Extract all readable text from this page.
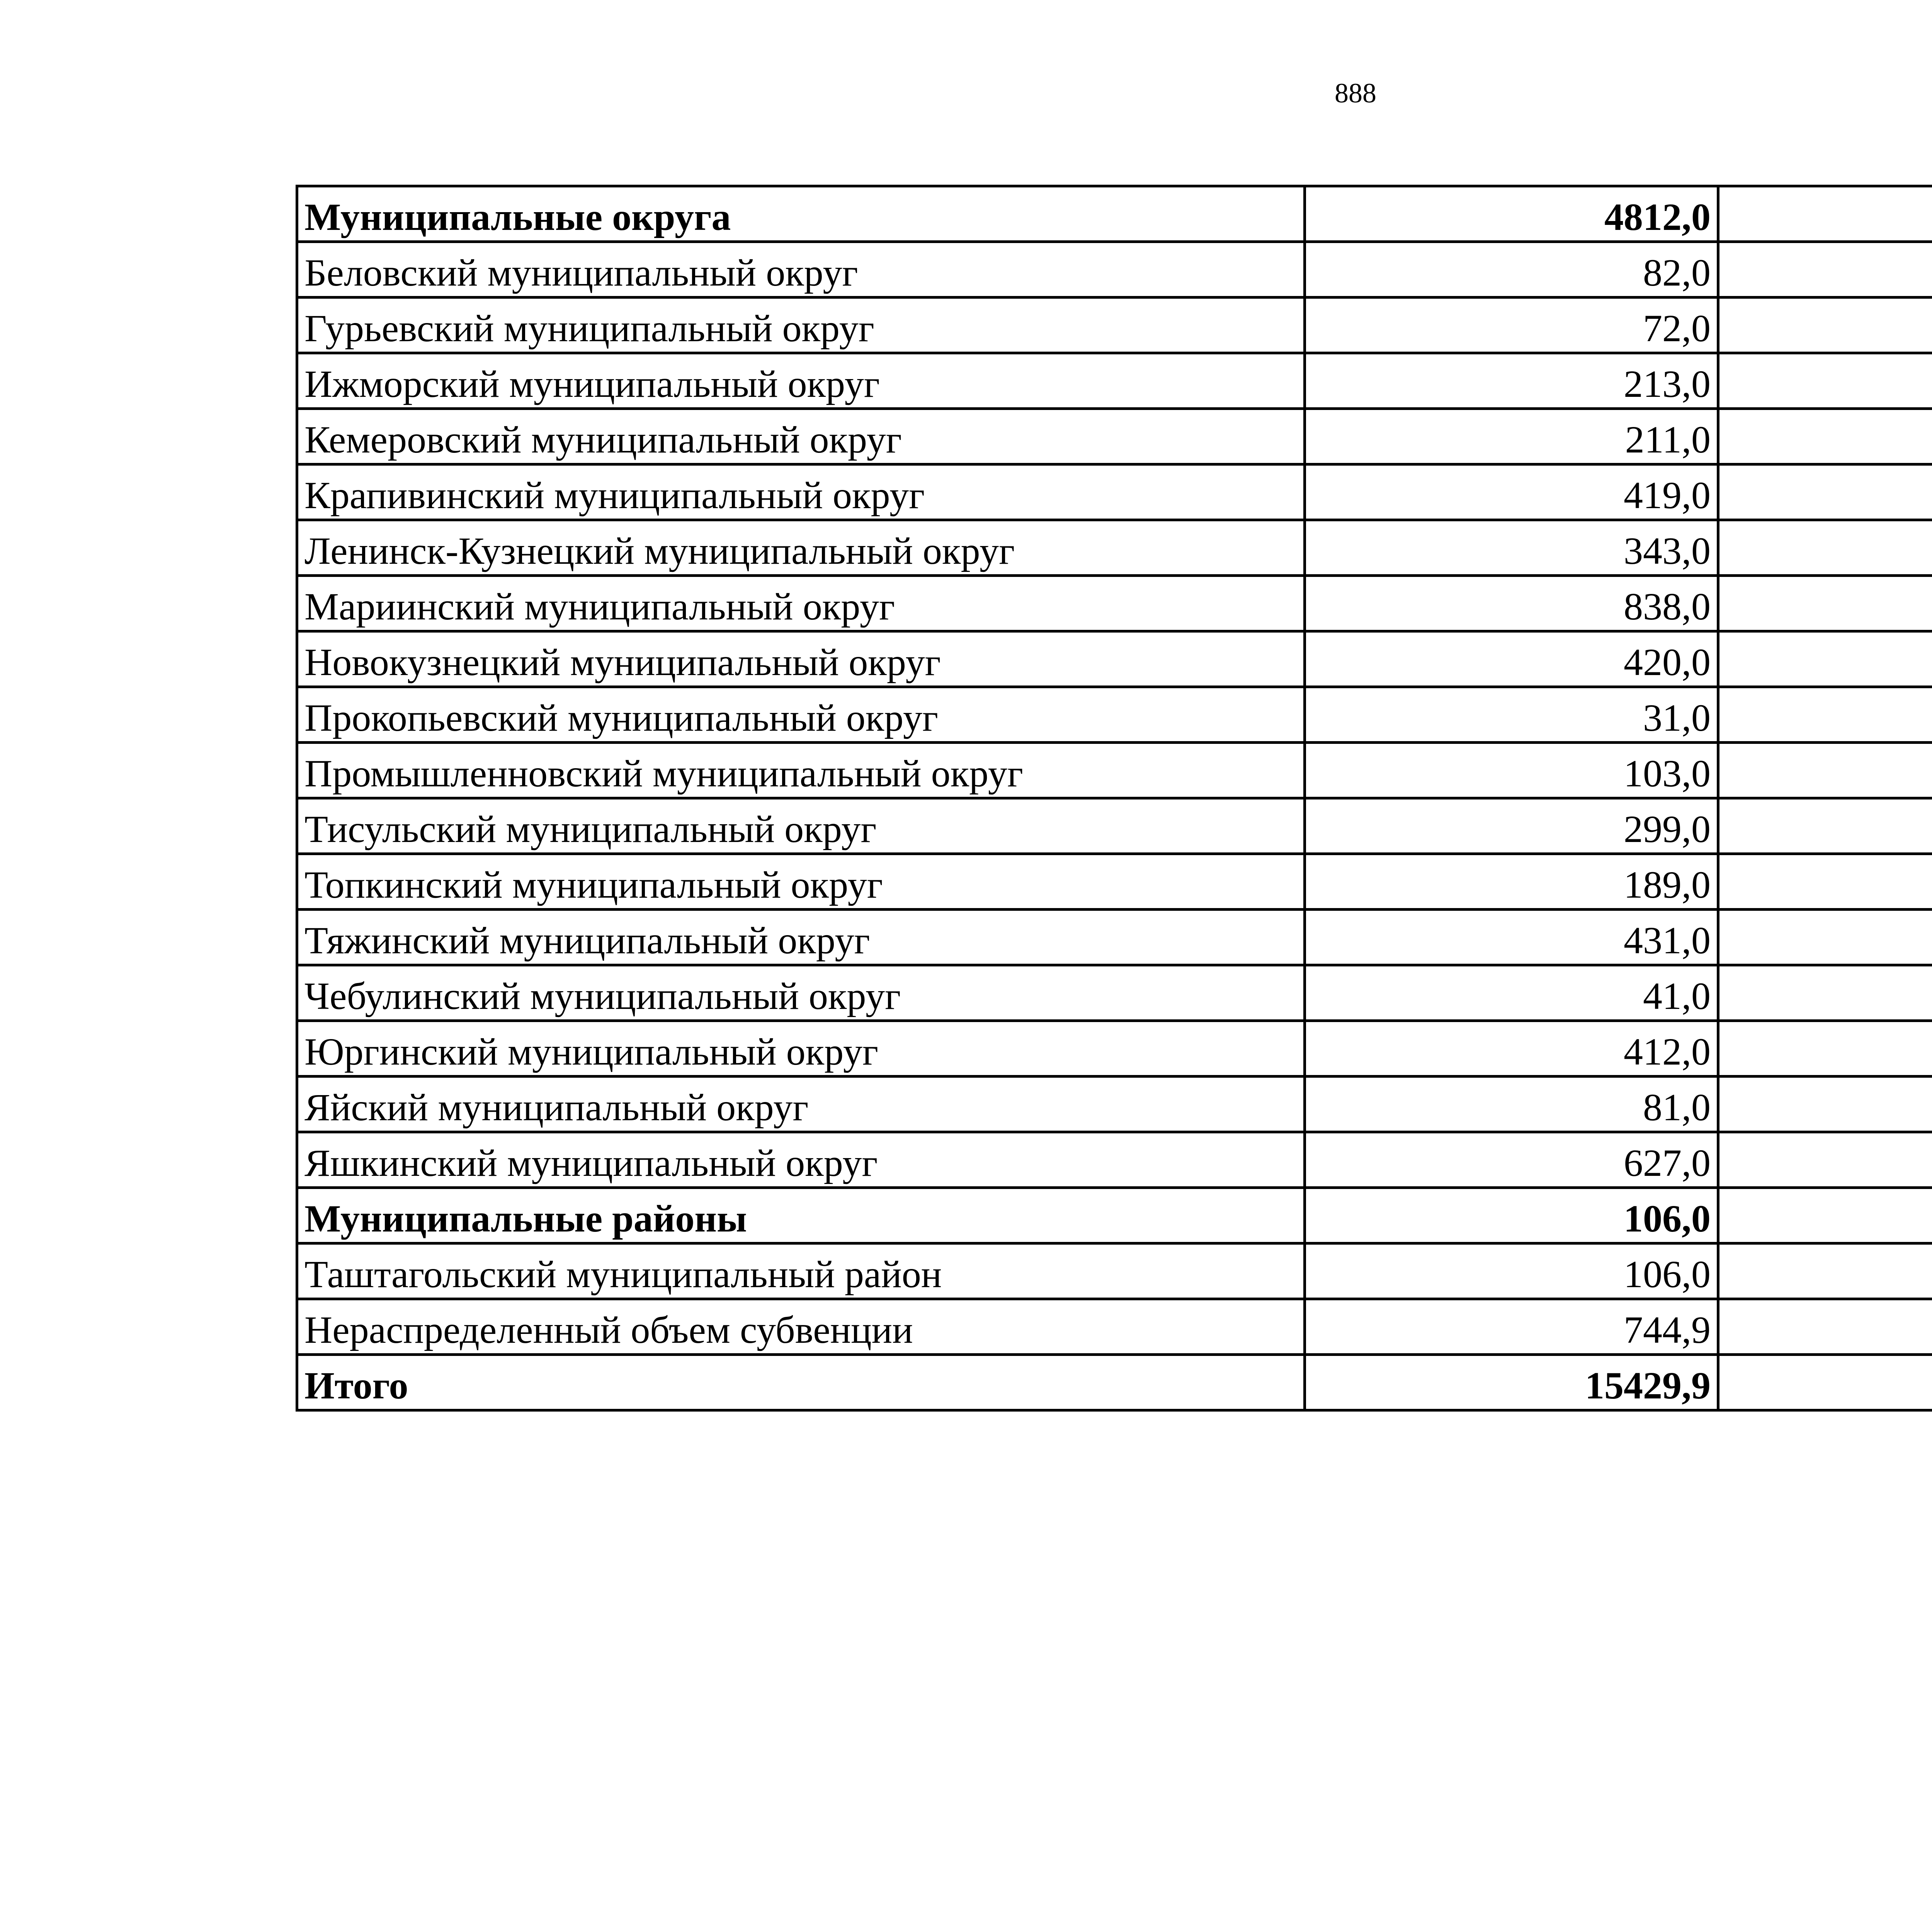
888
Муниципальные округа	4812,0		
Беловский муниципальный округ	82,0		
Гурьевский муниципальный округ	72,0		
Ижморский муниципальный округ	213,0		
Кемеровский муниципальный округ	211,0		
Крапивинский муниципальный округ	419,0		
Ленинск-Кузнецкий муниципальный округ	343,0		
Мариинский муниципальный округ	838,0		
Новокузнецкий муниципальный округ	420,0		
Прокопьевский муниципальный округ	31,0		
Промышленновский муниципальный округ	103,0		
Тисульский муниципальный округ	299,0		
Топкинский муниципальный округ	189,0		
Тяжинский муниципальный округ	431,0		
Чебулинский муниципальный округ	41,0		
Юргинский муниципальный округ	412,0		
Яйский муниципальный округ	81,0		
Яшкинский муниципальный округ	627,0		
Муниципальные районы	106,0		
Таштагольский муниципальный район	106,0		
Нераспределенный объем субвенции	744,9		
Итого	15429,9		
